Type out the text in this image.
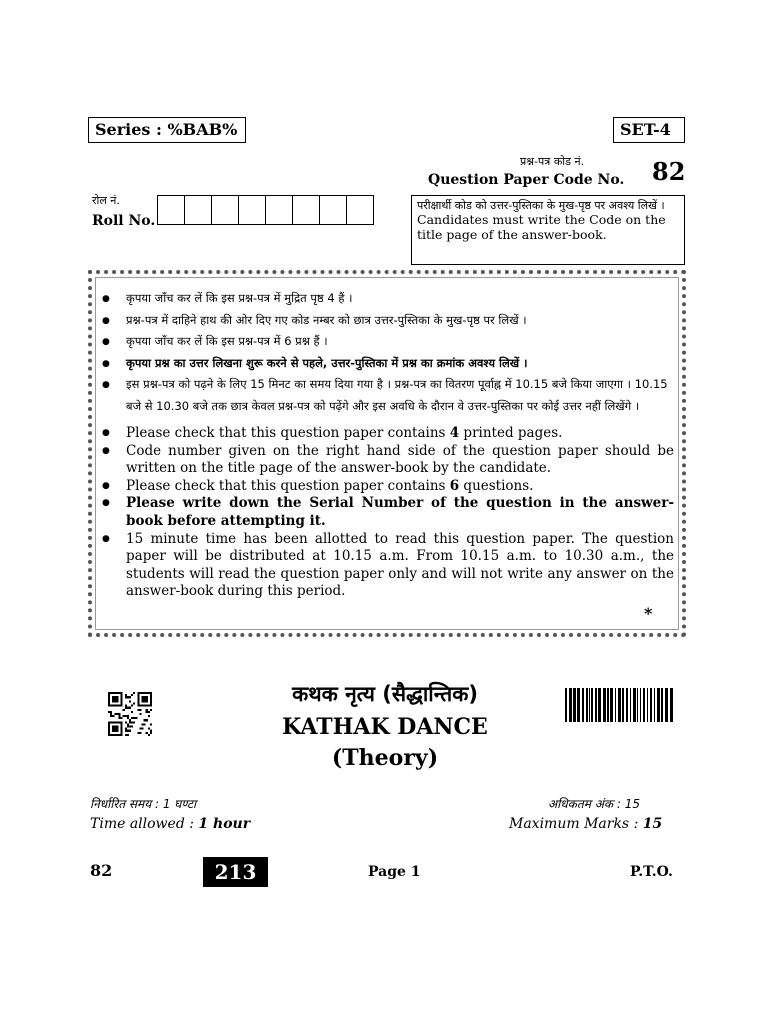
Series : %BAB%	SET-4
प्रश्न-पत्र कोड नं.
Question Paper Code No. 82
रोल नं.
Roll No.
परीक्षार्थी कोड को उत्तर-पुस्तिका के मुख-पृष्ठ पर अवश्य लिखें ।
Candidates must write the Code on the title page of the answer-book.
● कृपया जाँच कर लें कि इस प्रश्न-पत्र में मुद्रित पृष्ठ 4 हैं ।
● प्रश्न-पत्र में दाहिने हाथ की ओर दिए गए कोड नम्बर को छात्र उत्तर-पुस्तिका के मुख-पृष्ठ पर लिखें ।
● कृपया जाँच कर लें कि इस प्रश्न-पत्र में 6 प्रश्न हैं ।
● कृपया प्रश्न का उत्तर लिखना शुरू करने से पहले, उत्तर-पुस्तिका में प्रश्न का क्रमांक अवश्य लिखें ।
● इस प्रश्न-पत्र को पढ़ने के लिए 15 मिनट का समय दिया गया है । प्रश्न-पत्र का वितरण पूर्वाह्न में 10.15 बजे किया जाएगा । 10.15 बजे से 10.30 बजे तक छात्र केवल प्रश्न-पत्र को पढ़ेंगे और इस अवधि के दौरान वे उत्तर-पुस्तिका पर कोई उत्तर नहीं लिखेंगे ।
● Please check that this question paper contains 4 printed pages.
● Code number given on the right hand side of the question paper should be written on the title page of the answer-book by the candidate.
● Please check that this question paper contains 6 questions.
● Please write down the Serial Number of the question in the answer-book before attempting it.
● 15 minute time has been allotted to read this question paper. The question paper will be distributed at 10.15 a.m. From 10.15 a.m. to 10.30 a.m., the students will read the question paper only and will not write any answer on the answer-book during this period.
*
कथक नृत्य (सैद्धान्तिक)
KATHAK DANCE
(Theory)
निर्धारित समय : 1 घण्टा
Time allowed : 1 hour
अधिकतम अंक : 15
Maximum Marks : 15
82	213	Page 1	P.T.O.
